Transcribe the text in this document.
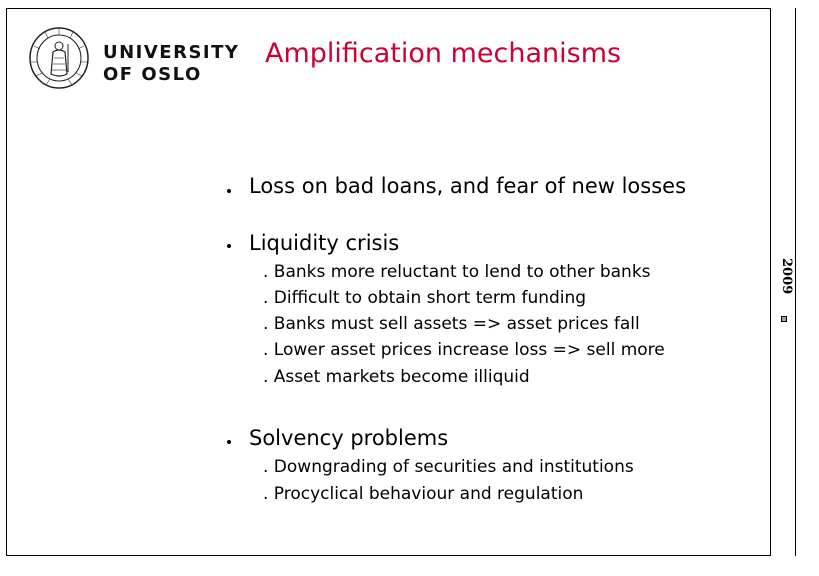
2009
UNIVERSITY
OF OSLO
Amplification mechanisms
Loss on bad loans, and fear of new losses
Liquidity crisis
. Banks more reluctant to lend to other banks
. Difficult to obtain short term funding
. Banks must sell assets => asset prices fall
. Lower asset prices increase loss => sell more
. Asset markets become illiquid
Solvency problems
. Downgrading of securities and institutions
. Procyclical behaviour and regulation
